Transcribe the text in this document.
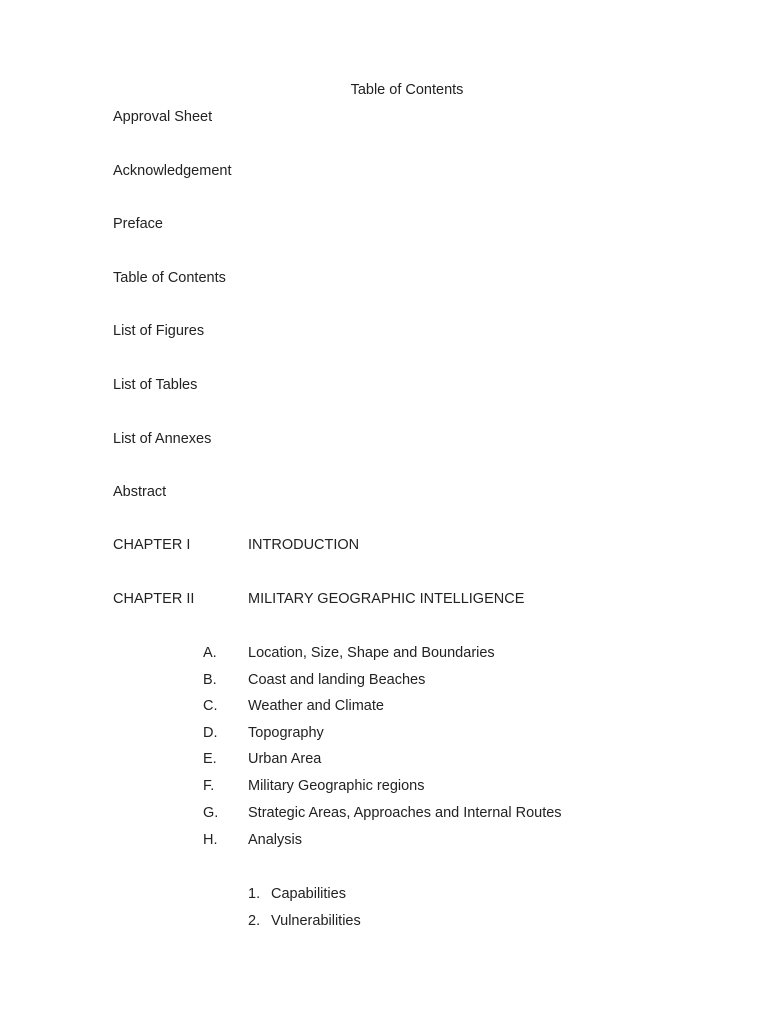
Table of Contents
Approval Sheet
Acknowledgement
Preface
Table of Contents
List of Figures
List of Tables
List of Annexes
Abstract
CHAPTER I	INTRODUCTION
CHAPTER II	MILITARY GEOGRAPHIC INTELLIGENCE
A. Location, Size, Shape and Boundaries
B. Coast and landing Beaches
C. Weather and Climate
D. Topography
E. Urban Area
F. Military Geographic regions
G. Strategic Areas, Approaches and Internal Routes
H. Analysis
1. Capabilities
2. Vulnerabilities
